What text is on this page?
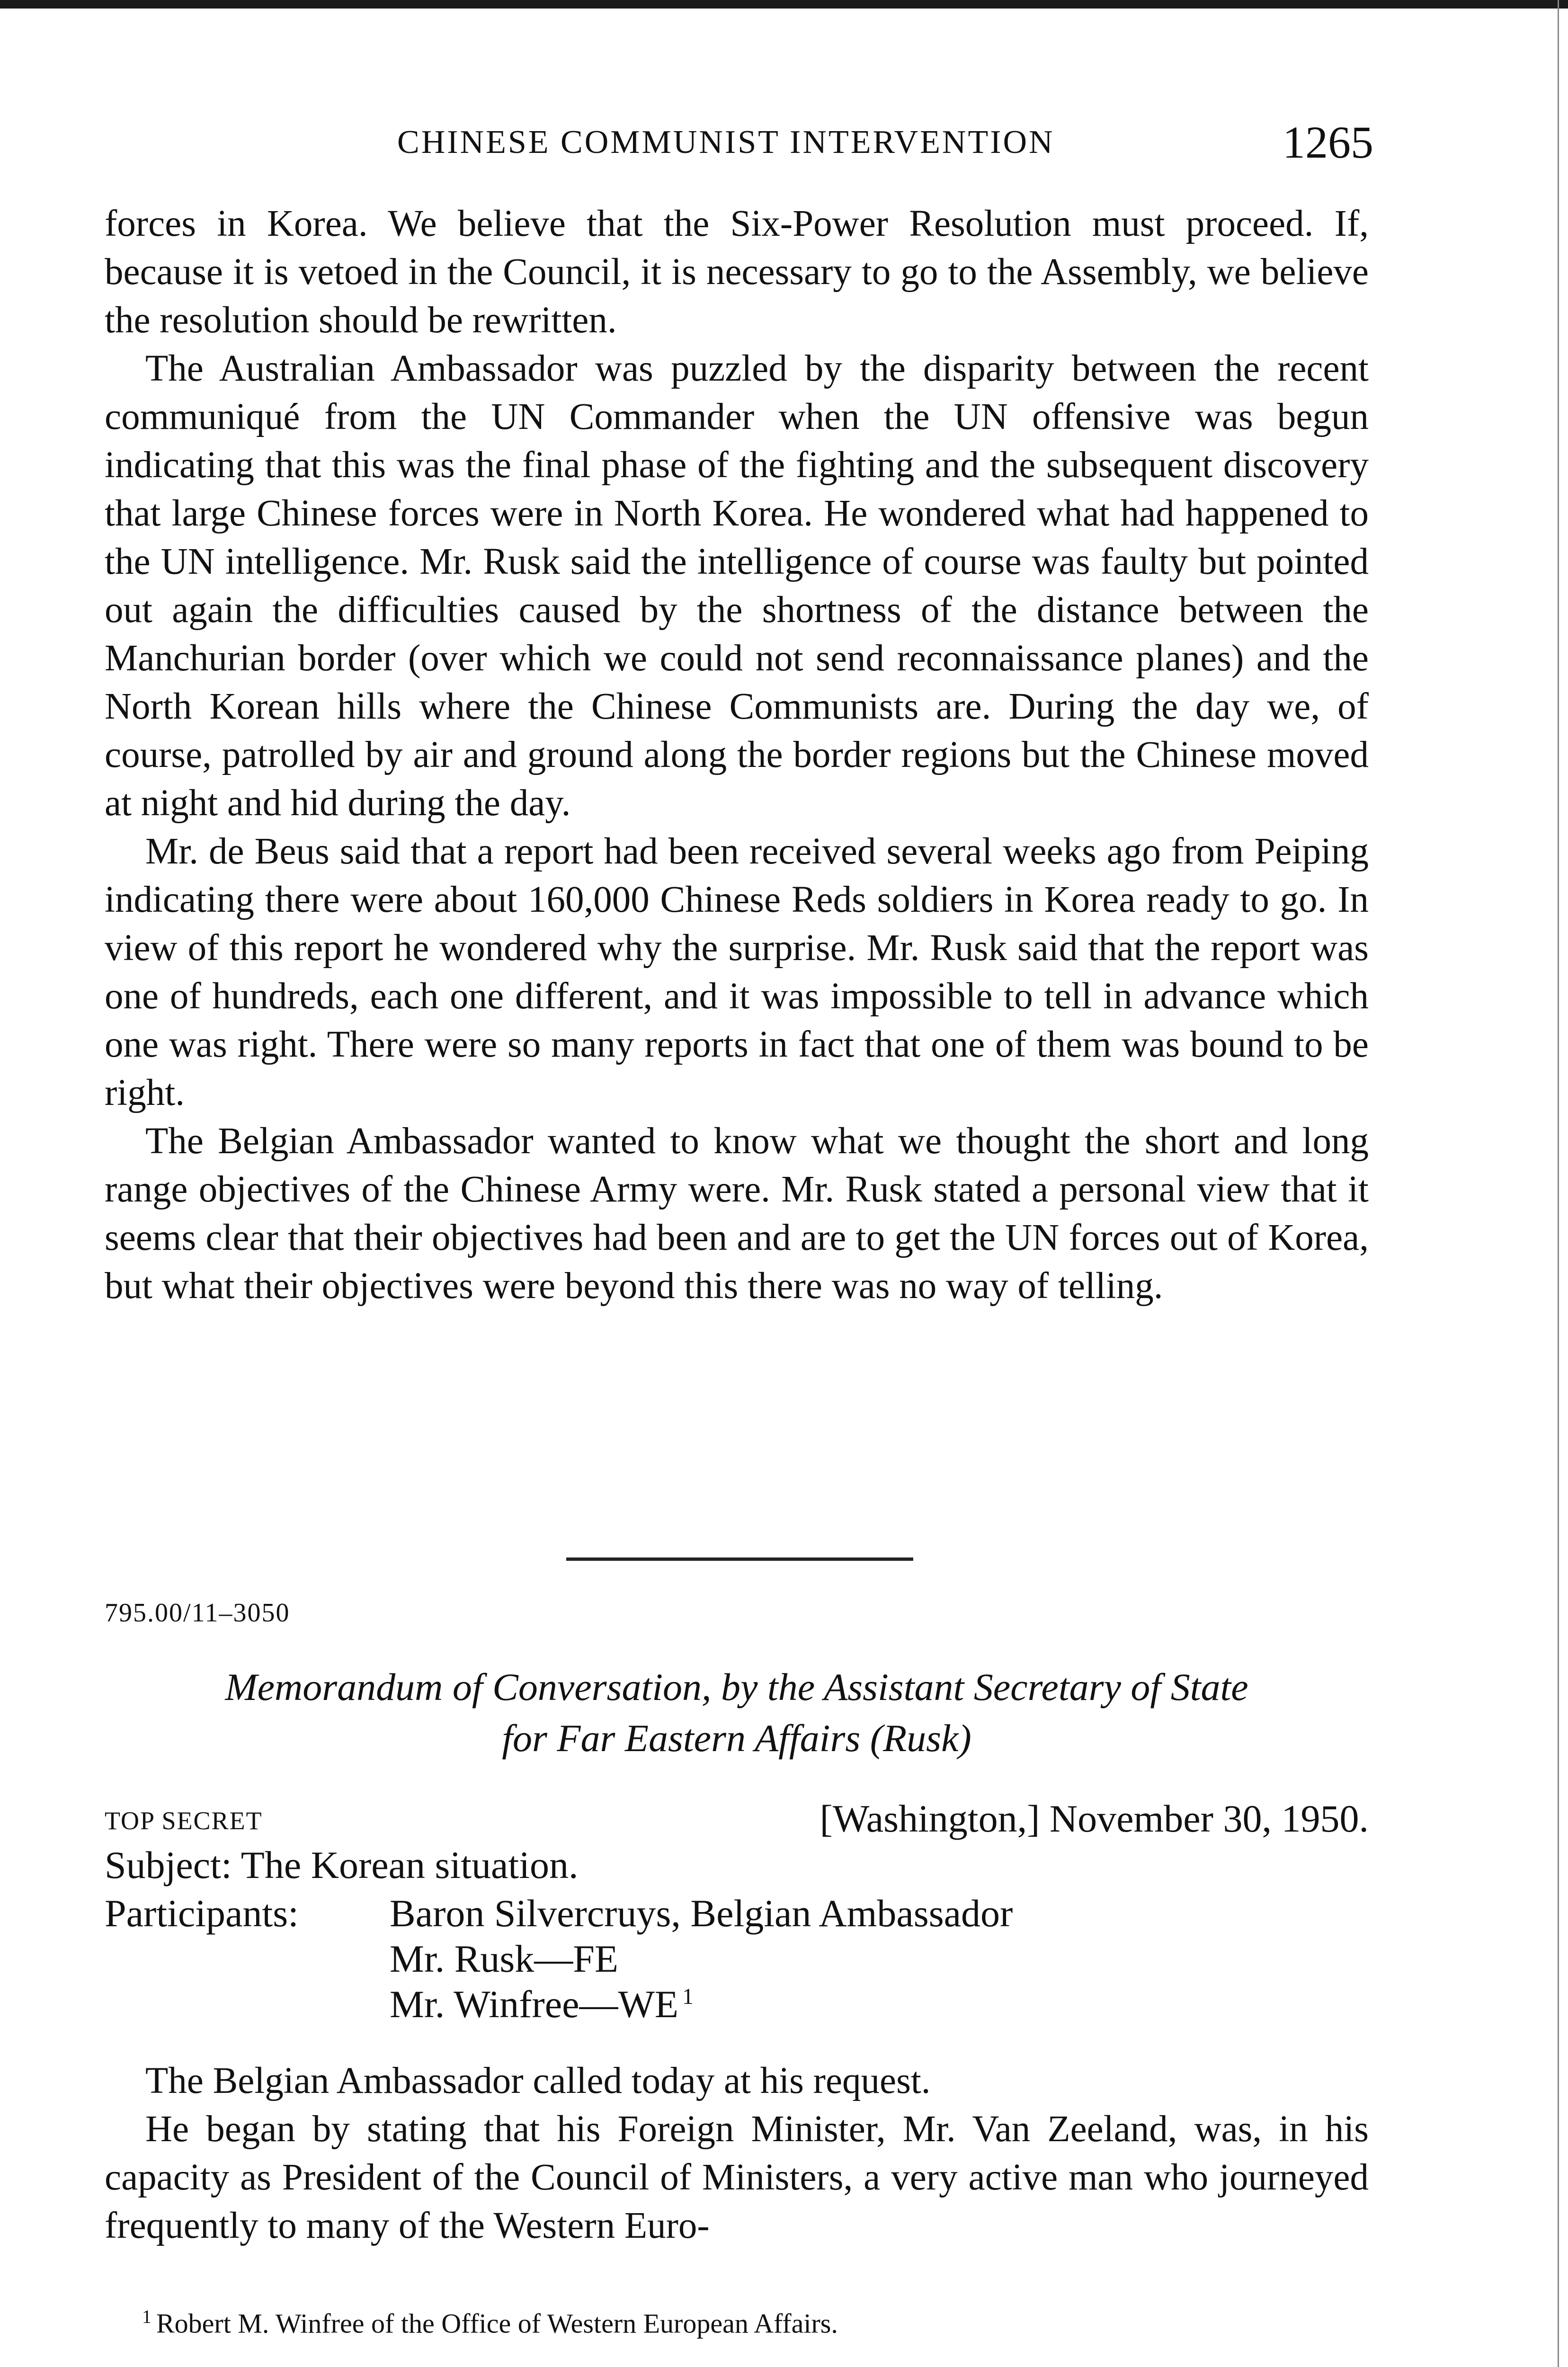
CHINESE COMMUNIST INTERVENTION	1265

forces in Korea. We believe that the Six-Power Resolution must proceed. If, because it is vetoed in the Council, it is necessary to go to the Assembly, we believe the resolution should be rewritten.

The Australian Ambassador was puzzled by the disparity between the recent communiqué from the UN Commander when the UN offensive was begun indicating that this was the final phase of the fighting and the subsequent discovery that large Chinese forces were in North Korea. He wondered what had happened to the UN intelligence. Mr. Rusk said the intelligence of course was faulty but pointed out again the difficulties caused by the shortness of the distance between the Manchurian border (over which we could not send reconnaissance planes) and the North Korean hills where the Chinese Communists are. During the day we, of course, patrolled by air and ground along the border regions but the Chinese moved at night and hid during the day.

Mr. de Beus said that a report had been received several weeks ago from Peiping indicating there were about 160,000 Chinese Reds soldiers in Korea ready to go. In view of this report he wondered why the surprise. Mr. Rusk said that the report was one of hundreds, each one different, and it was impossible to tell in advance which one was right. There were so many reports in fact that one of them was bound to be right.

The Belgian Ambassador wanted to know what we thought the short and long range objectives of the Chinese Army were. Mr. Rusk stated a personal view that it seems clear that their objectives had been and are to get the UN forces out of Korea, but what their objectives were beyond this there was no way of telling.

795.00/11–3050
Memorandum of Conversation, by the Assistant Secretary of State
for Far Eastern Affairs (Rusk)
TOP SECRET	[Washington,] November 30, 1950.
Subject: The Korean situation.
Participants: Baron Silvercruys, Belgian Ambassador
Mr. Rusk—FE
Mr. Winfree—WE $^1$

The Belgian Ambassador called today at his request.

He began by stating that his Foreign Minister, Mr. Van Zeeland, was, in his capacity as President of the Council of Ministers, a very active man who journeyed frequently to many of the Western Euro-

$^1$ Robert M. Winfree of the Office of Western European Affairs.
